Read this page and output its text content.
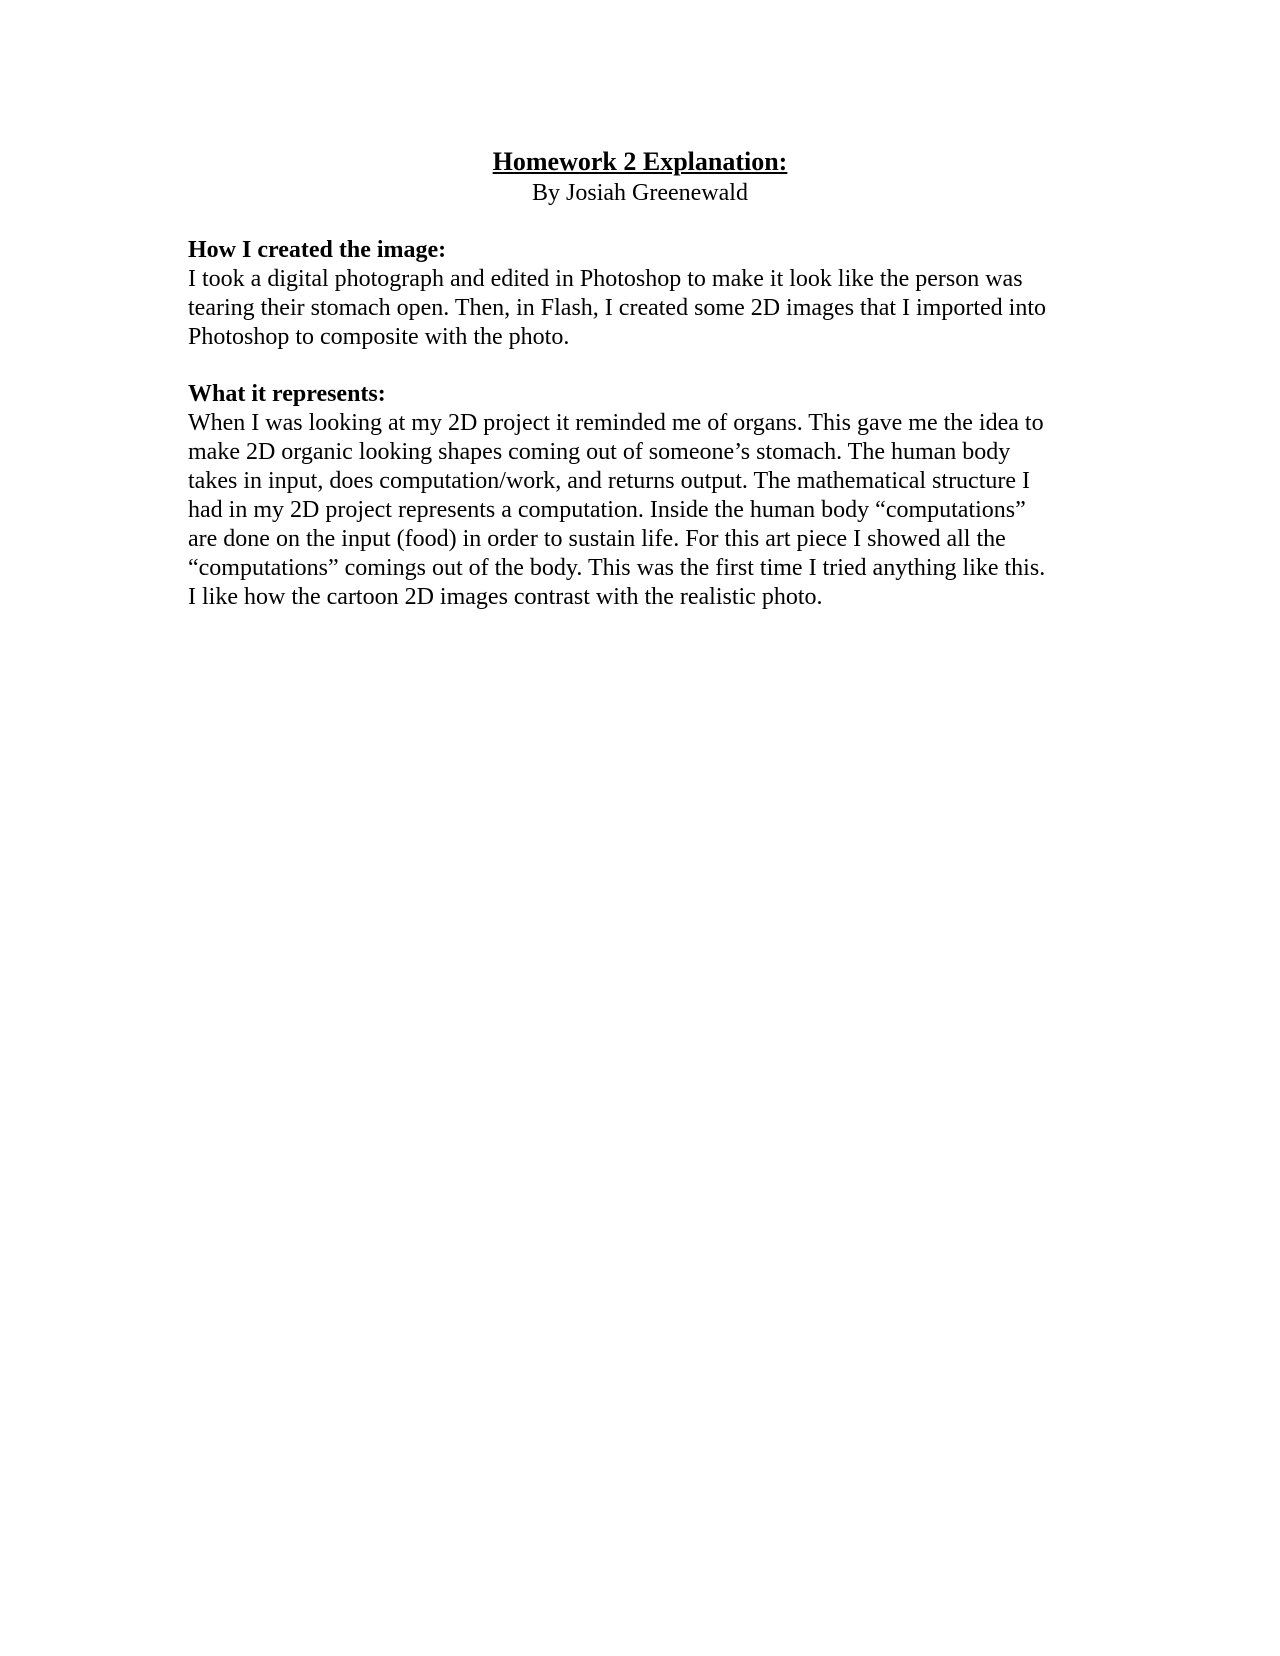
Homework 2 Explanation:

By Josiah Greenewald

How I created the image:

I took a digital photograph and edited in Photoshop to make it look like the person was
tearing their stomach open. Then, in Flash, I created some 2D images that I imported into
Photoshop to composite with the photo.

What it represents:

When I was looking at my 2D project it reminded me of organs. This gave me the idea to
make 2D organic looking shapes coming out of someone’s stomach. The human body
takes in input, does computation/work, and returns output. The mathematical structure I
had in my 2D project represents a computation. Inside the human body “computations”
are done on the input (food) in order to sustain life. For this art piece I showed all the
“computations” comings out of the body. This was the first time I tried anything like this.
I like how the cartoon 2D images contrast with the realistic photo.
